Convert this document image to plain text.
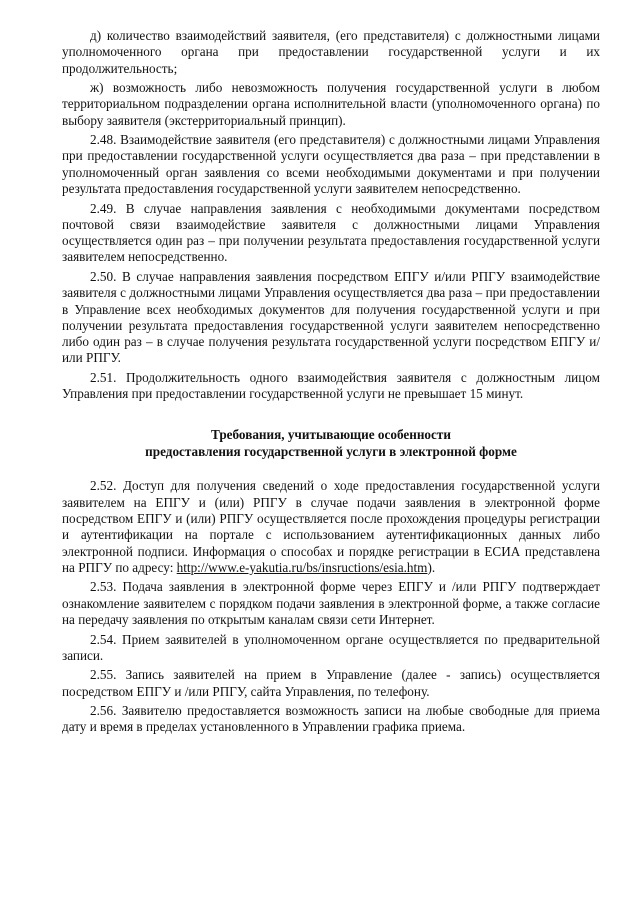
д) количество взаимодействий заявителя, (его представителя) с должностными лицами уполномоченного органа при предоставлении государственной услуги и их продолжительность;

ж) возможность либо невозможность получения государственной услуги в любом территориальном подразделении органа исполнительной власти (уполномоченного органа) по выбору заявителя (экстерриториальный принцип).

2.48. Взаимодействие заявителя (его представителя) с должностными лицами Управления при предоставлении государственной услуги осуществляется два раза – при представлении в уполномоченный орган заявления со всеми необходимыми документами и при получении результата предоставления государственной услуги заявителем непосредственно.

2.49. В случае направления заявления с необходимыми документами посредством почтовой связи взаимодействие заявителя с должностными лицами Управления осуществляется один раз – при получении результата предоставления государственной услуги заявителем непосредственно.

2.50. В случае направления заявления посредством ЕПГУ и/или РПГУ взаимодействие заявителя с должностными лицами Управления осуществляется два раза – при предоставлении в Управление всех необходимых документов для получения государственной услуги и при получении результата предоставления государственной услуги заявителем непосредственно либо один раз – в случае получения результата государственной услуги посредством ЕПГУ и/или РПГУ.

2.51. Продолжительность одного взаимодействия заявителя с должностным лицом Управления при предоставлении государственной услуги не превышает 15 минут.

Требования, учитывающие особенности
предоставления государственной услуги в электронной форме

2.52. Доступ для получения сведений о ходе предоставления государственной услуги заявителем на ЕПГУ и (или) РПГУ в случае подачи заявления в электронной форме посредством ЕПГУ и (или) РПГУ осуществляется после прохождения процедуры регистрации и аутентификации на портале с использованием аутентификационных данных либо электронной подписи. Информация о способах и порядке регистрации в ЕСИА представлена на РПГУ по адресу: http://www.e-yakutia.ru/bs/insructions/esia.htm).

2.53. Подача заявления в электронной форме через ЕПГУ и /или РПГУ подтверждает ознакомление заявителем с порядком подачи заявления в электронной форме, а также согласие на передачу заявления по открытым каналам связи сети Интернет.

2.54. Прием заявителей в уполномоченном органе осуществляется по предварительной записи.

2.55. Запись заявителей на прием в Управление (далее - запись) осуществляется посредством ЕПГУ и /или РПГУ, сайта Управления, по телефону.

2.56. Заявителю предоставляется возможность записи на любые свободные для приема дату и время в пределах установленного в Управлении графика приема.
